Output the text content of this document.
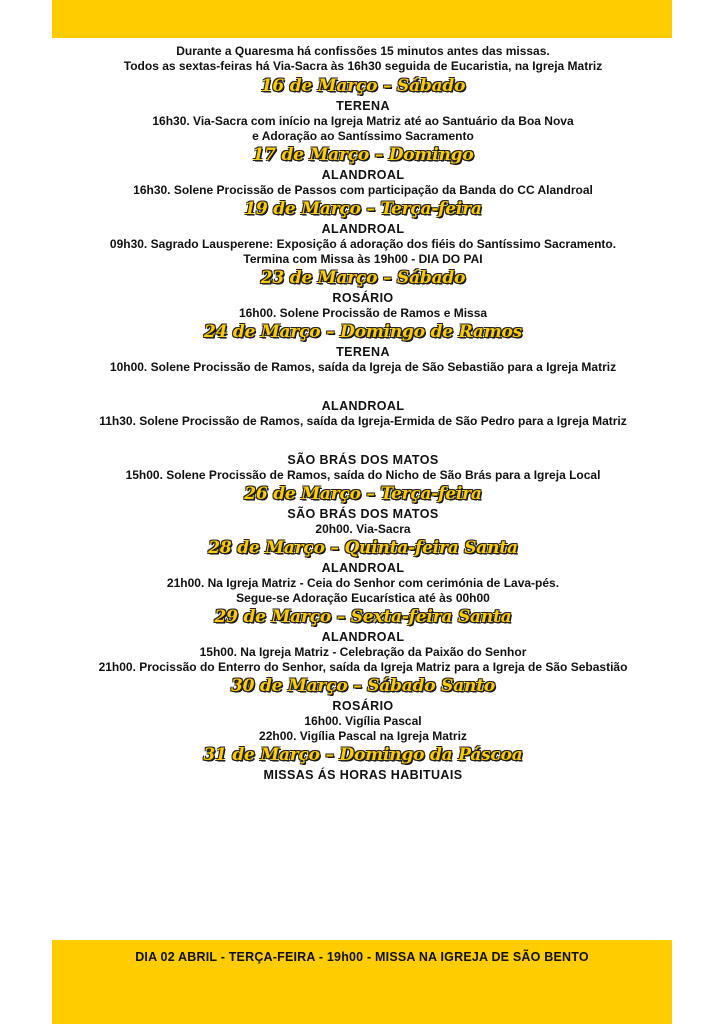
Durante a Quaresma há confissões 15 minutos antes das missas.
Todos as sextas-feiras há Via-Sacra às 16h30 seguida de Eucaristia, na Igreja Matriz
16 de Março – Sábado
TERENA
16h30. Via-Sacra com início na Igreja Matriz até ao Santuário da Boa Nova
e Adoração ao Santíssimo Sacramento
17 de Março – Domingo
ALANDROAL
16h30. Solene Procissão de Passos com participação da Banda do CC Alandroal
19 de Março – Terça-feira
ALANDROAL
09h30. Sagrado Lausperene: Exposição á adoração dos fiéis do Santíssimo Sacramento.
Termina com Missa às 19h00 - DIA DO PAI
23 de Março – Sábado
ROSÁRIO
16h00. Solene Procissão de Ramos e Missa
24 de Março – Domingo de Ramos
TERENA
10h00. Solene Procissão de Ramos, saída da Igreja de São Sebastião para a Igreja Matriz
ALANDROAL
11h30. Solene Procissão de Ramos, saída da Igreja-Ermida de São Pedro para a Igreja Matriz
SÃO BRÁS DOS MATOS
15h00. Solene Procissão de Ramos, saída do Nicho de São Brás para a Igreja Local
26 de Março – Terça-feira
SÃO BRÁS DOS MATOS
20h00. Via-Sacra
28 de Março – Quinta-feira Santa
ALANDROAL
21h00. Na Igreja Matriz - Ceia do Senhor com cerimónia de Lava-pés.
Segue-se Adoração Eucarística até às 00h00
29 de Março – Sexta-feira Santa
ALANDROAL
15h00. Na Igreja Matriz - Celebração da Paixão do Senhor
21h00. Procissão do Enterro do Senhor, saída da Igreja Matriz para a Igreja de São Sebastião
30 de Março – Sábado Santo
ROSÁRIO
16h00. Vigília Pascal
22h00. Vigília Pascal na Igreja Matriz
31 de Março – Domingo da Páscoa
MISSAS ÁS HORAS HABITUAIS
DIA 02 ABRIL - TERÇA-FEIRA - 19h00 - MISSA NA IGREJA DE SÃO BENTO
